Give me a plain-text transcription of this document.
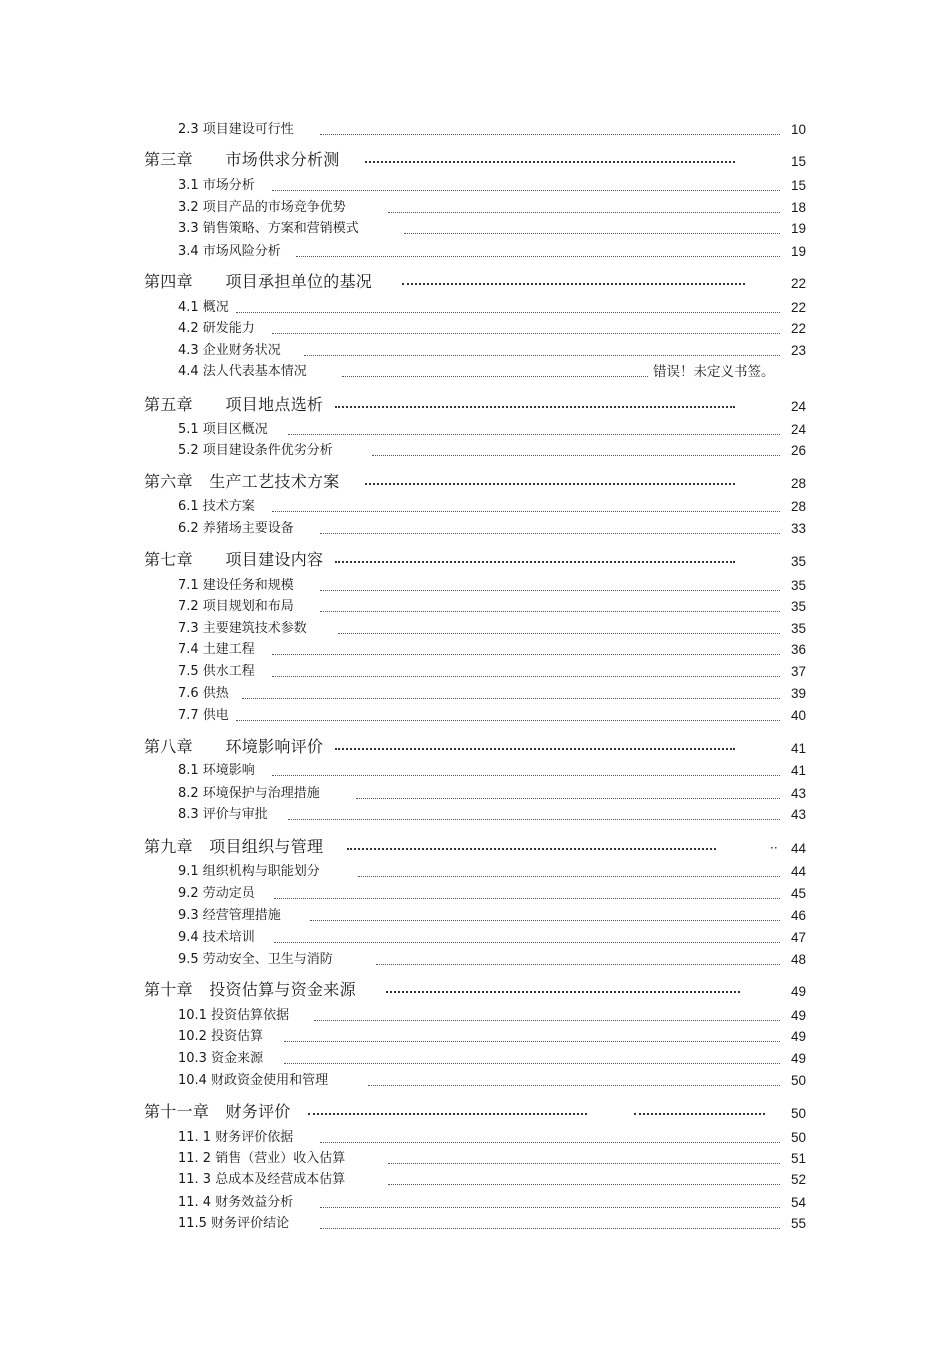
2.3 项目建设可行性	10
第三章　　市场供求分析测	15
3.1 市场分析	15
3.2 项目产品的市场竞争优势	18
3.3 销售策略、方案和营销模式	19
3.4 市场风险分析	19
第四章　　项目承担单位的基况	22
4.1 概况	22
4.2 研发能力	22
4.3 企业财务状况	23
4.4 法人代表基本情况	错误！未定义书签。
第五章　　项目地点选析	24
5.1 项目区概况	24
5.2 项目建设条件优劣分析	26
第六章　生产工艺技术方案	28
6.1 技术方案	28
6.2 养猪场主要设备	33
第七章　　项目建设内容	35
7.1 建设任务和规模	35
7.2 项目规划和布局	35
7.3 主要建筑技术参数	35
7.4 土建工程	36
7.5 供水工程	37
7.6 供热	39
7.7 供电	40
第八章　　环境影响评价	41
8.1 环境影响	41
8.2 环境保护与治理措施	43
8.3 评价与审批	43
第九章　项目组织与管理	·· 44
9.1 组织机构与职能划分	44
9.2 劳动定员	45
9.3 经营管理措施	46
9.4 技术培训	47
9.5 劳动安全、卫生与消防	48
第十章　投资估算与资金来源	49
10.1 投资估算依据	49
10.2 投资估算	49
10.3 资金来源	49
10.4 财政资金使用和管理	50
第十一章　财务评价	50
11. 1 财务评价依据	50
11. 2 销售（营业）收入估算	51
11. 3 总成本及经营成本估算	52
11. 4 财务效益分析	54
11.5 财务评价结论	55
